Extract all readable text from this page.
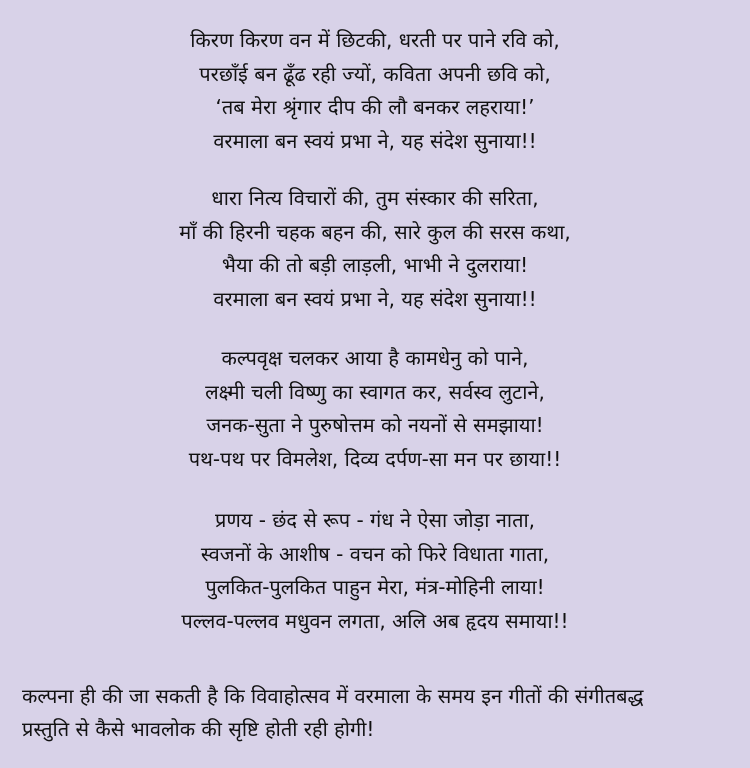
किरण किरण वन में छिटकी, धरती पर पाने रवि को,
परछाँई बन ढूँढ रही ज्यों, कविता अपनी छवि को,
‘तब मेरा श्रृंगार दीप की लौ बनकर लहराया!’
वरमाला बन स्वयं प्रभा ने, यह संदेश सुनाया!!
धारा नित्य विचारों की, तुम संस्कार की सरिता,
माँ की हिरनी चहक बहन की, सारे कुल की सरस कथा,
भैया की तो बड़ी लाड़ली, भाभी ने दुलराया!
वरमाला बन स्वयं प्रभा ने, यह संदेश सुनाया!!
कल्पवृक्ष चलकर आया है कामधेनु को पाने,
लक्ष्मी चली विष्णु का स्वागत कर, सर्वस्व लुटाने,
जनक-सुता ने पुरुषोत्तम को नयनों से समझाया!
पथ-पथ पर विमलेश, दिव्य दर्पण-सा मन पर छाया!!
प्रणय - छंद से रूप - गंध ने ऐसा जोड़ा नाता,
स्वजनों के आशीष - वचन को फिरे विधाता गाता,
पुलकित-पुलकित पाहुन मेरा, मंत्र-मोहिनी लाया!
पल्लव-पल्लव मधुवन लगता, अलि अब हृदय समाया!!
कल्पना ही की जा सकती है कि विवाहोत्सव में वरमाला के समय इन गीतों की संगीतबद्ध
प्रस्तुति से कैसे भावलोक की सृष्टि होती रही होगी!
